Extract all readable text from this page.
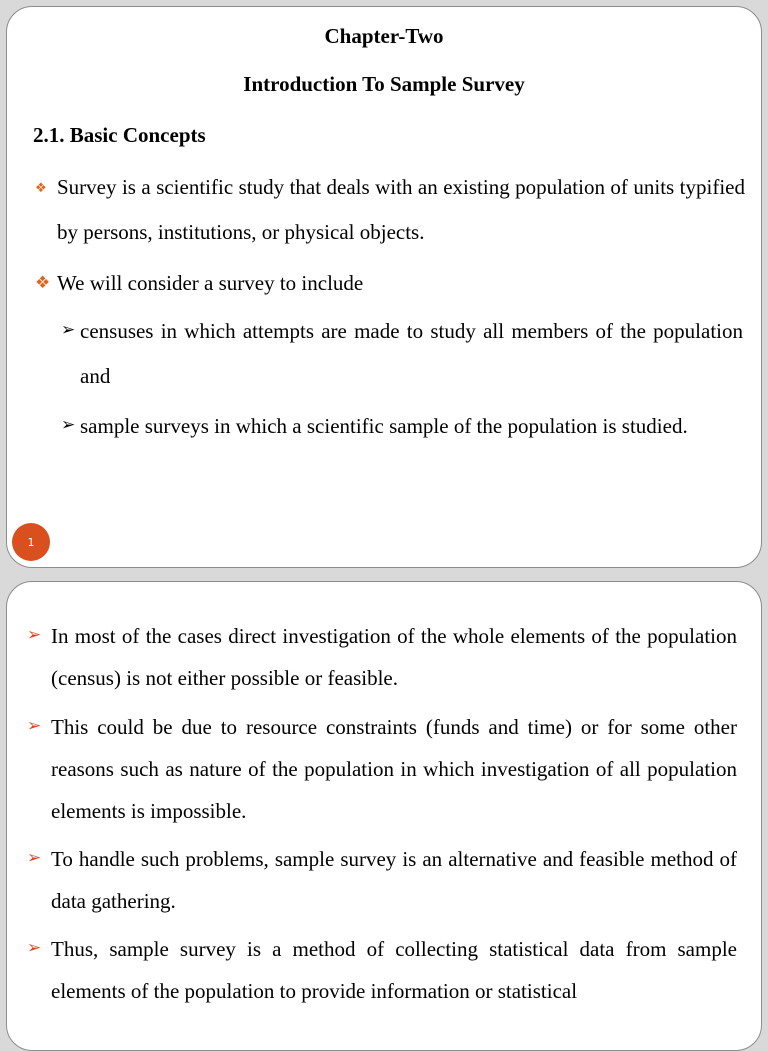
Chapter-Two
Introduction To Sample Survey
2.1. Basic Concepts
❖ Survey is a scientific study that deals with an existing population of units typified by persons, institutions, or physical objects.

❖ We will consider a survey to include

➢ censuses in which attempts are made to study all members of the population and

➢ sample surveys in which a scientific sample of the population is studied.

1
➢ In most of the cases direct investigation of the whole elements of the population (census) is not either possible or feasible.

➢ This could be due to resource constraints (funds and time) or for some other reasons such as nature of the population in which investigation of all population elements is impossible.

➢ To handle such problems, sample survey is an alternative and feasible method of data gathering.

➢ Thus, sample survey is a method of collecting statistical data from sample elements of the population to provide information or statistical
